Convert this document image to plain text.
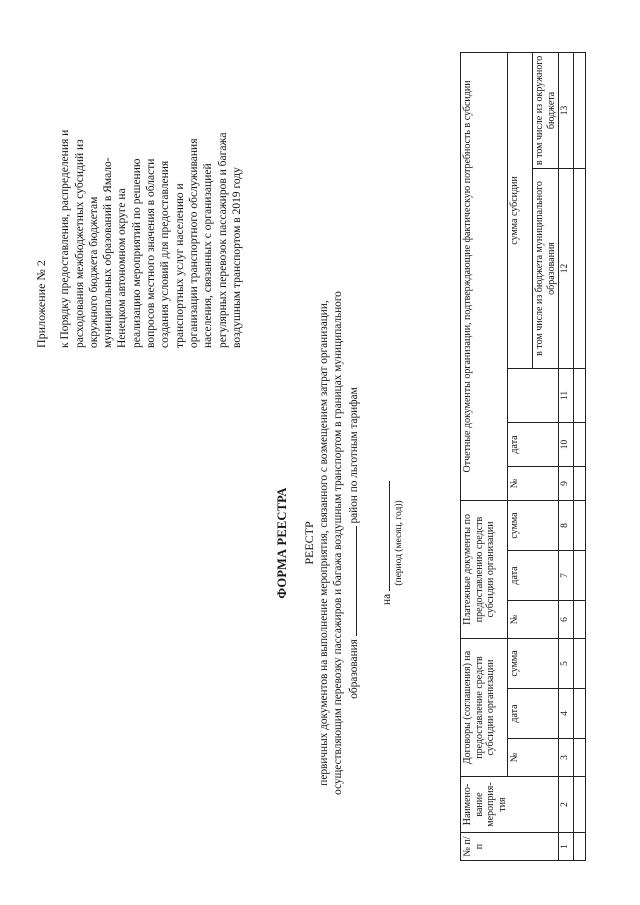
Приложение № 2 к Порядку предоставления, распределения и расходования межбюджетных субсидий из окружного бюджета бюджетам муниципальных образований в Ямало- Ненецком автономном округе на реализацию мероприятий по решению вопросов местного значения в области создания условий для предоставления транспортных услуг населению и организации транспортного обслуживания населения, связанных с организацией регулярных перевозок пассажиров и багажа воздушным транспортом в 2019 году
ФОРМА РЕЕСТРА РЕЕСТР первичных документов на выполнение мероприятия, связанного с возмещением затрат организации, осуществляющим перевозку пассажиров и багажа воздушным транспортом в границах муниципального образования  район по льготным тарифам
на
(период (месяц, год))
№ п/п	Наимено-вание мероприя-тия	Договоры (соглашения) на предоставление средств субсидии организации			Платежные документы по предоставлению средств субсидии организации			Отчетные документы организации, подтверждающие фактическую потребность в субсидии				
		№	дата	сумма	№	дата	сумма	№	дата		сумма субсидии	
											в том числе из бюджета муниципального образования	в том числе из окружного бюджета
1	2	3	4	5	6	7	8	9	10	11	12	13
